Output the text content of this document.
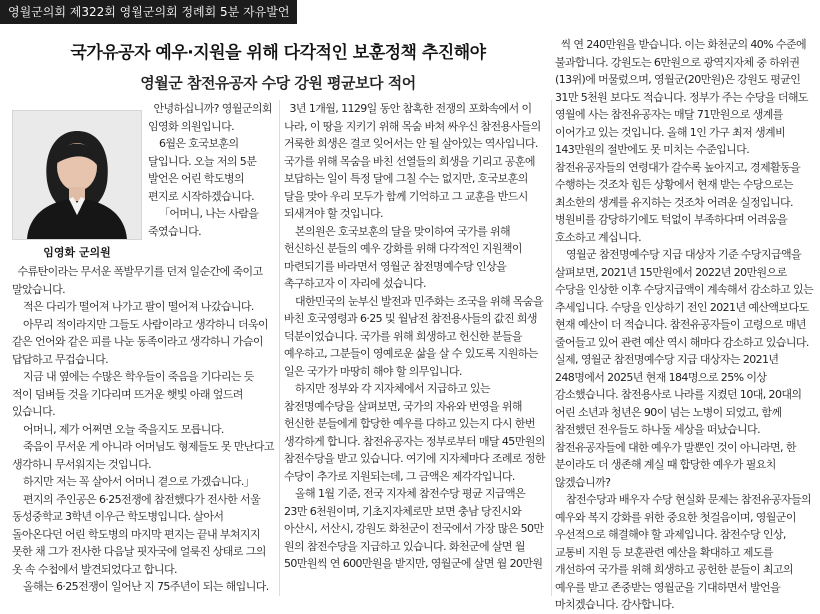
영월군의회 제322회 영월군의회 정례회 5분 자유발언
국가유공자 예우·지원을 위해 다각적인 보훈정책 추진해야
영월군 참전유공자 수당 강원 평균보다 적어
임영화 군의원

안녕하십니까? 영월군의회 임영화 의원입니다.

6월은 호국보훈의 달입니다. 오늘 저의 5분 발언은 어린 학도병의 편지로 시작하겠습니다.

「어머니, 나는 사람을 죽였습니다.

수류탄이라는 무서운 폭발무기를 던져 일순간에 죽이고 말았습니다.

적은 다리가 떨어져 나가고 팔이 떨어져 나갔습니다.

아무리 적이라지만 그들도 사람이라고 생각하니 더욱이 같은 언어와 같은 피를 나눈 동족이라고 생각하니 가슴이 답답하고 무겁습니다.

지금 내 옆에는 수많은 학우들이 죽음을 기다리는 듯 적이 덤벼들 것을 기다리며 뜨거운 햇빛 아래 엎드려 있습니다.

어머니, 제가 어쩌면 오늘 죽을지도 모릅니다.

죽음이 무서운 게 아니라 어머님도 형제들도 못 만난다고 생각하니 무서워지는 것입니다.

하지만 저는 꼭 살아서 어머니 곁으로 가겠습니다.」

편지의 주인공은 6·25전쟁에 참전했다가 전사한 서울 동성중학교 3학년 이우근 학도병입니다. 살아서 돌아온다던 어린 학도병의 마지막 편지는 끝내 부쳐지지 못한 채 그가 전사한 다음날 핏자국에 얼룩진 상태로 그의 옷 속 수첩에서 발견되었다고 합니다.

올해는 6·25전쟁이 일어난 지 75주년이 되는 해입니다.

3년 1개월, 1129일 동안 참혹한 전쟁의 포화속에서 이 나라, 이 땅을 지키기 위해 목숨 바쳐 싸우신 참전용사들의 거룩한 희생은 결코 잊어서는 안 될 살아있는 역사입니다. 국가를 위해 목숨을 바친 선열들의 희생을 기리고 공훈에 보답하는 일이 특정 달에 그칠 수는 없지만, 호국보훈의 달을 맞아 우리 모두가 함께 기억하고 그 교훈을 반드시 되새겨야 할 것입니다.

본의원은 호국보훈의 달을 맞이하여 국가를 위해 헌신하신 분들의 예우 강화를 위해 다각적인 지원책이 마련되기를 바라면서 영월군 참전명예수당 인상을 촉구하고자 이 자리에 섰습니다.

대한민국의 눈부신 발전과 민주화는 조국을 위해 목숨을 바친 호국영령과 6·25 및 월남전 참전용사들의 값진 희생 덕분이었습니다. 국가를 위해 희생하고 헌신한 분들을 예우하고, 그분들이 영예로운 삶을 살 수 있도록 지원하는 일은 국가가 마땅히 해야 할 의무입니다.

하지만 정부와 각 지자체에서 지급하고 있는 참전명예수당을 살펴보면, 국가의 자유와 번영을 위해 헌신한 분들에게 합당한 예우를 다하고 있는지 다시 한번 생각하게 합니다. 참전유공자는 정부로부터 매달 45만원의 참전수당을 받고 있습니다. 여기에 지자체마다 조례로 정한 수당이 추가로 지원되는데, 그 금액은 제각각입니다.

올해 1월 기준, 전국 지자체 참전수당 평균 지급액은 23만 6천원이며, 기초지자체로만 보면 충남 당진시와 아산시, 서산시, 강원도 화천군이 전국에서 가장 많은 50만 원의 참전수당을 지급하고 있습니다. 화천군에 살면 월 50만원씩 연 600만원을 받지만, 영월군에 살면 월 20만원

씩 연 240만원을 받습니다. 이는 화천군의 40% 수준에 불과합니다. 강원도는 6만원으로 광역지자체 중 하위권(13위)에 머물렀으며, 영월군(20만원)은 강원도 평균인 31만 5천원 보다도 적습니다. 정부가 주는 수당을 더해도 영월에 사는 참전유공자는 매달 71만원으로 생계를 이어가고 있는 것입니다. 올해 1인 가구 최저 생계비 143만원의 절반에도 못 미치는 수준입니다. 참전유공자들의 연령대가 갈수록 높아지고, 경제활동을 수행하는 것조차 힘든 상황에서 현재 받는 수당으로는 최소한의 생계를 유지하는 것조차 어려운 실정입니다. 병원비를 감당하기에도 턱없이 부족하다며 어려움을 호소하고 계십니다.

영월군 참전명예수당 지급 대상자 기준 수당지급액을 살펴보면, 2021년 15만원에서 2022년 20만원으로 수당을 인상한 이후 수당지급액이 계속해서 감소하고 있는 추세입니다. 수당을 인상하기 전인 2021년 예산액보다도 현재 예산이 더 적습니다. 참전유공자들이 고령으로 매년 줄어들고 있어 관련 예산 역시 해마다 감소하고 있습니다. 실제, 영월군 참전명예수당 지급 대상자는 2021년 248명에서 2025년 현재 184명으로 25% 이상 감소했습니다. 참전용사로 나라를 지켰던 10대, 20대의 어린 소년과 청년은 90이 넘는 노병이 되었고, 함께 참전했던 전우들도 하나둘 세상을 떠났습니다. 참전유공자들에 대한 예우가 말뿐인 것이 아니라면, 한 분이라도 더 생존해 계실 때 합당한 예우가 필요치 않겠습니까?

참전수당과 배우자 수당 현실화 문제는 참전유공자들의 예우와 복지 강화를 위한 중요한 첫걸음이며, 영월군이 우선적으로 해결해야 할 과제입니다. 참전수당 인상, 교통비 지원 등 보훈관련 예산을 확대하고 제도를 개선하여 국가를 위해 희생하고 공헌한 분들이 최고의 예우를 받고 존중받는 영월군을 기대하면서 발언을 마치겠습니다. 감사합니다.
